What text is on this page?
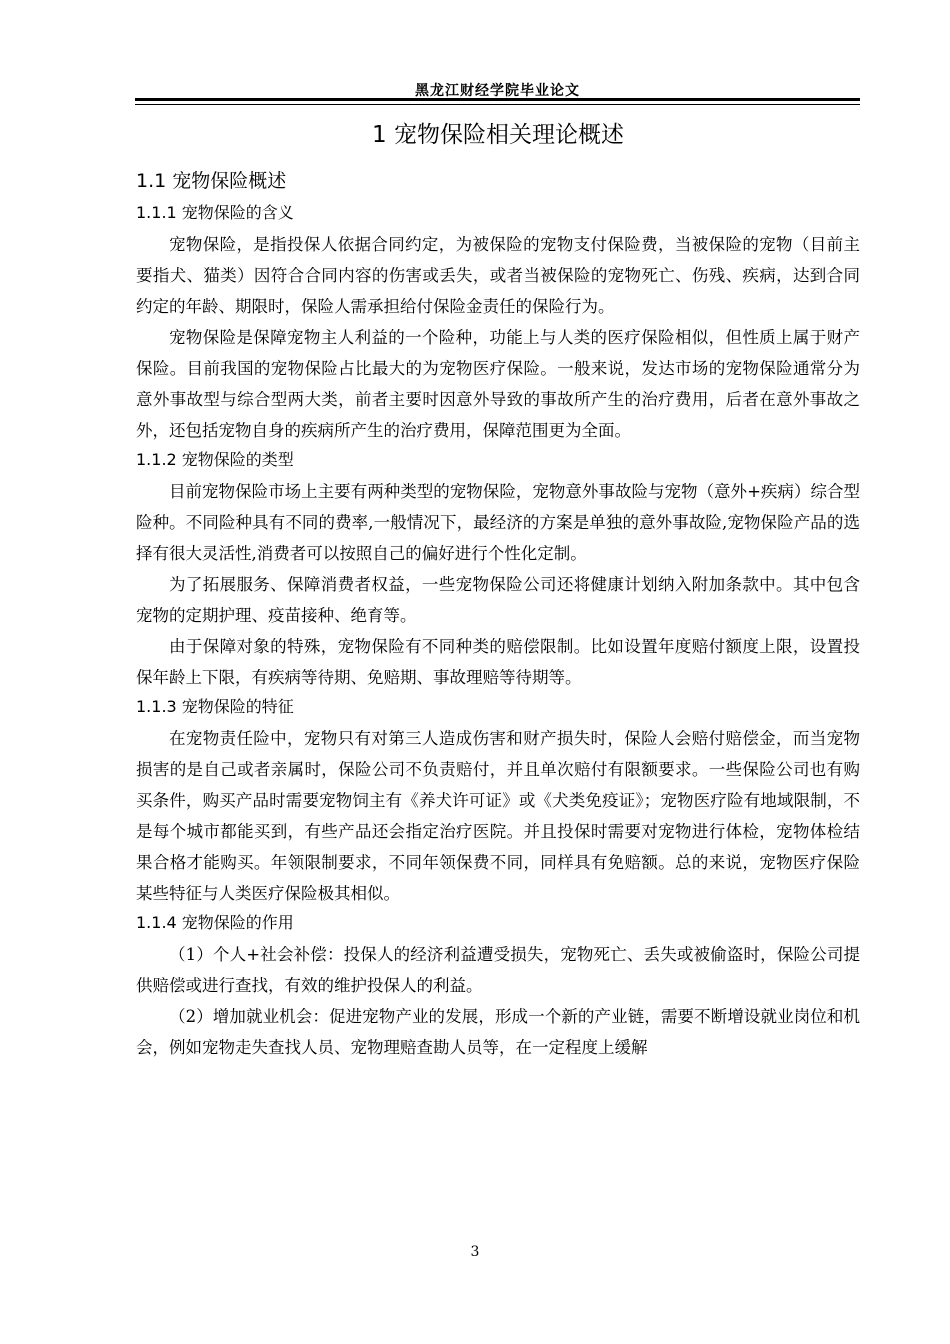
黑龙江财经学院毕业论文
1 宠物保险相关理论概述
1.1 宠物保险概述
1.1.1 宠物保险的含义

宠物保险，是指投保人依据合同约定，为被保险的宠物支付保险费，当被保险的宠物（目前主要指犬、猫类）因符合合同内容的伤害或丢失，或者当被保险的宠物死亡、伤残、疾病，达到合同约定的年龄、期限时，保险人需承担给付保险金责任的保险行为。

宠物保险是保障宠物主人利益的一个险种，功能上与人类的医疗保险相似，但性质上属于财产保险。目前我国的宠物保险占比最大的为宠物医疗保险。一般来说，发达市场的宠物保险通常分为意外事故型与综合型两大类，前者主要时因意外导致的事故所产生的治疗费用，后者在意外事故之外，还包括宠物自身的疾病所产生的治疗费用，保障范围更为全面。

1.1.2 宠物保险的类型

目前宠物保险市场上主要有两种类型的宠物保险，宠物意外事故险与宠物（意外+疾病）综合型险种。不同险种具有不同的费率,一般情况下，最经济的方案是单独的意外事故险,宠物保险产品的选择有很大灵活性,消费者可以按照自己的偏好进行个性化定制。

为了拓展服务、保障消费者权益，一些宠物保险公司还将健康计划纳入附加条款中。其中包含宠物的定期护理、疫苗接种、绝育等。

由于保障对象的特殊，宠物保险有不同种类的赔偿限制。比如设置年度赔付额度上限，设置投保年龄上下限，有疾病等待期、免赔期、事故理赔等待期等。

1.1.3 宠物保险的特征

在宠物责任险中，宠物只有对第三人造成伤害和财产损失时，保险人会赔付赔偿金，而当宠物损害的是自己或者亲属时，保险公司不负责赔付，并且单次赔付有限额要求。一些保险公司也有购买条件，购买产品时需要宠物饲主有《养犬许可证》或《犬类免疫证》；宠物医疗险有地域限制，不是每个城市都能买到，有些产品还会指定治疗医院。并且投保时需要对宠物进行体检，宠物体检结果合格才能购买。年领限制要求，不同年领保费不同，同样具有免赔额。总的来说，宠物医疗保险某些特征与人类医疗保险极其相似。

1.1.4 宠物保险的作用

（1）个人+社会补偿：投保人的经济利益遭受损失，宠物死亡、丢失或被偷盗时，保险公司提供赔偿或进行查找，有效的维护投保人的利益。

（2）增加就业机会：促进宠物产业的发展，形成一个新的产业链，需要不断增设就业岗位和机会，例如宠物走失查找人员、宠物理赔查勘人员等，在一定程度上缓解

3
